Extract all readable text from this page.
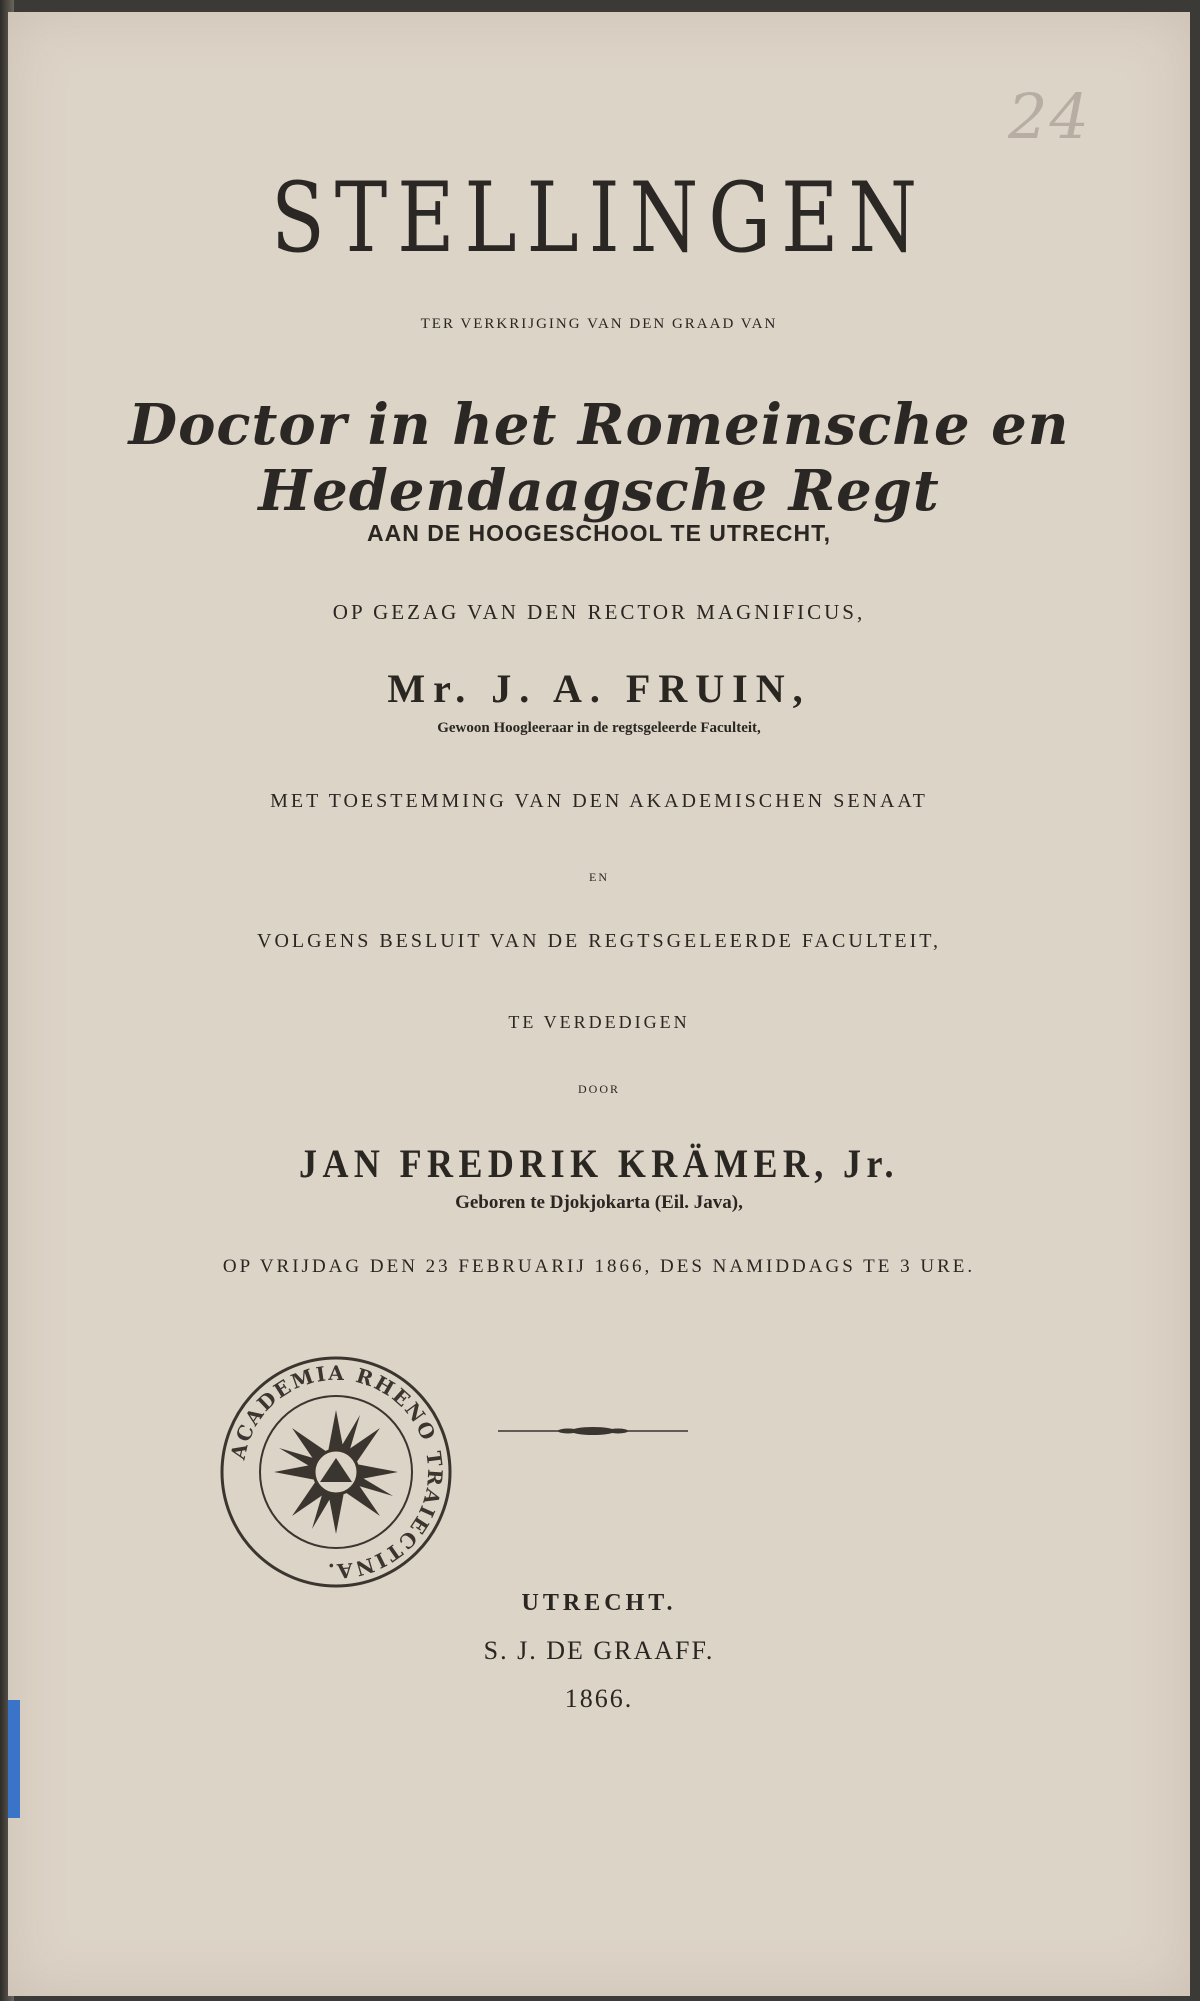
24
STELLINGEN
TER VERKRIJGING VAN DEN GRAAD VAN
Doctor in het Romeinsche en Hedendaagsche Regt
AAN DE HOOGESCHOOL TE UTRECHT,
OP GEZAG VAN DEN RECTOR MAGNIFICUS,
Mr. J. A. FRUIN,
Gewoon Hoogleeraar in de regtsgeleerde Faculteit,
MET TOESTEMMING VAN DEN AKADEMISCHEN SENAAT
EN
VOLGENS BESLUIT VAN DE REGTSGELEERDE FACULTEIT,
TE VERDEDIGEN
DOOR
JAN FREDRIK KRÄMER, Jr.
Geboren te Djokjokarta (Eil. Java),
OP VRIJDAG DEN 23 FEBRUARIJ 1866, DES NAMIDDAGS TE 3 URE.
ACADEMIA RHENO TRAIECTINA.
UTRECHT.
S. J. DE GRAAFF.
1866.
